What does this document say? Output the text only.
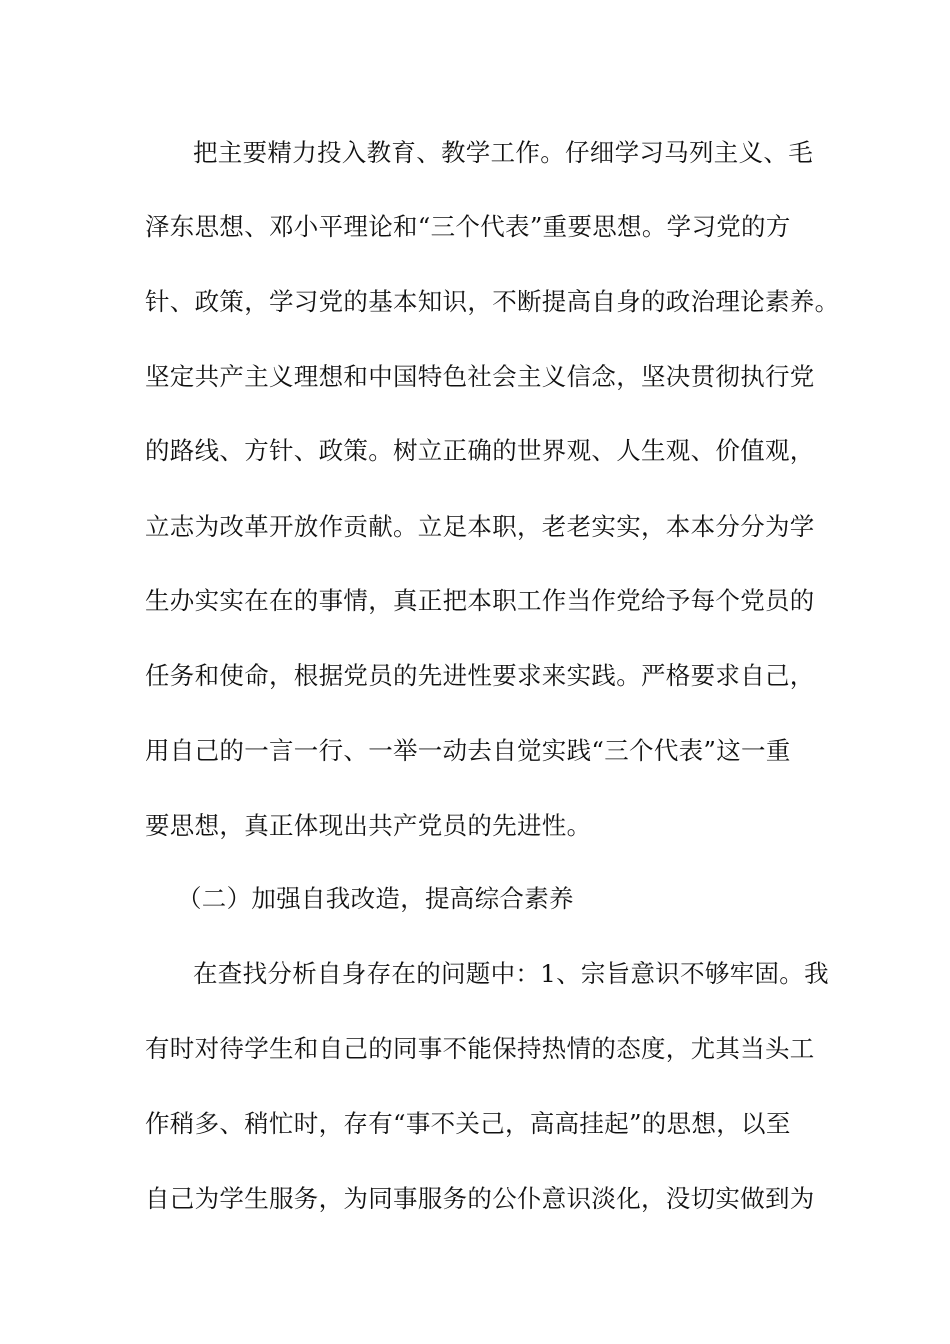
把主要精力投入教育、教学工作。仔细学习马列主义、毛
泽东思想、邓小平理论和“三个代表”重要思想。学习党的方
针、政策，学习党的基本知识，不断提高自身的政治理论素养。
坚定共产主义理想和中国特色社会主义信念，坚决贯彻执行党
的路线、方针、政策。树立正确的世界观、人生观、价值观，
立志为改革开放作贡献。立足本职，老老实实，本本分分为学
生办实实在在的事情，真正把本职工作当作党给予每个党员的
任务和使命，根据党员的先进性要求来实践。严格要求自己，
用自己的一言一行、一举一动去自觉实践“三个代表”这一重
要思想，真正体现出共产党员的先进性。
（二）加强自我改造，提高综合素养
在查找分析自身存在的问题中：1、宗旨意识不够牢固。我
有时对待学生和自己的同事不能保持热情的态度，尤其当头工
作稍多、稍忙时，存有“事不关己，高高挂起”的思想，以至
自己为学生服务，为同事服务的公仆意识淡化，没切实做到为
